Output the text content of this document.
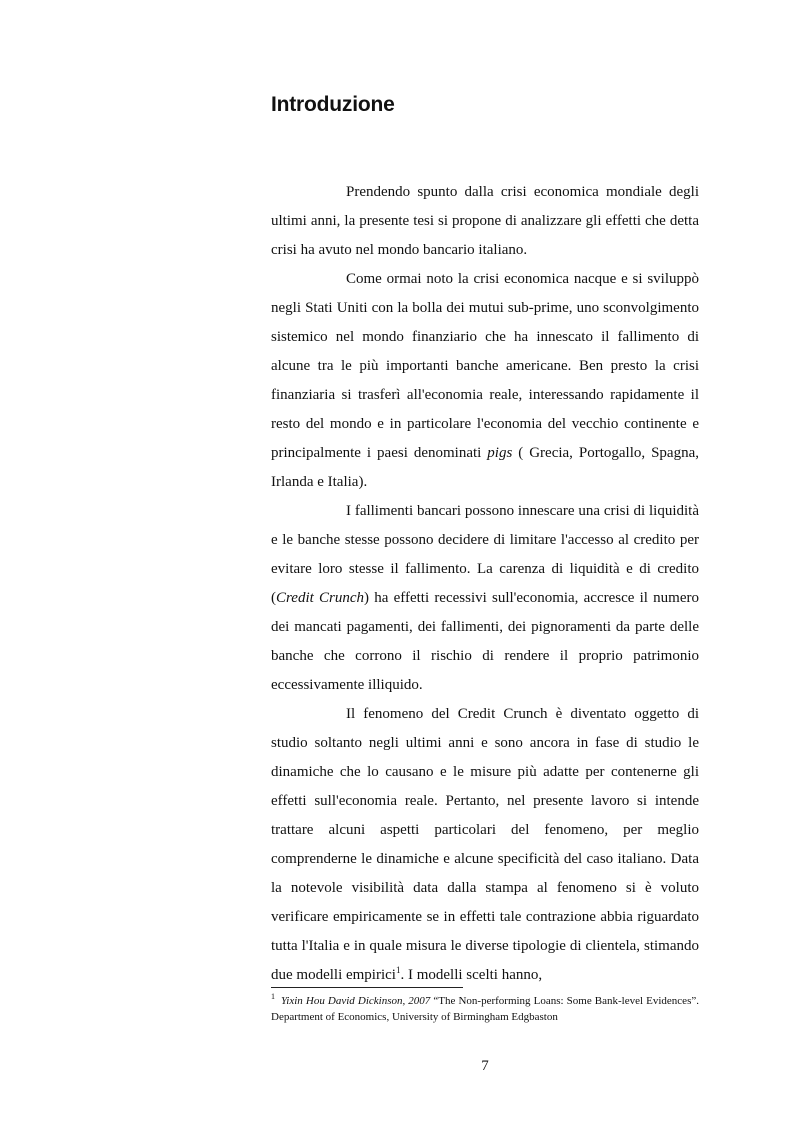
Introduzione

Prendendo spunto dalla crisi economica mondiale degli ultimi anni, la presente tesi si propone di analizzare gli effetti che detta crisi ha avuto nel mondo bancario italiano.

Come ormai noto la crisi economica nacque e si sviluppò negli Stati Uniti con la bolla dei mutui sub-prime, uno sconvolgimento sistemico nel mondo finanziario che ha innescato il fallimento di alcune tra le più importanti banche americane. Ben presto la crisi finanziaria si trasferì all'economia reale, interessando rapidamente il resto del mondo e in particolare l'economia del vecchio continente e principalmente i paesi denominati pigs ( Grecia, Portogallo, Spagna, Irlanda e Italia).

I fallimenti bancari possono innescare una crisi di liquidità e le banche stesse possono decidere di limitare l'accesso al credito per evitare loro stesse il fallimento. La carenza di liquidità e di credito (Credit Crunch) ha effetti recessivi sull'economia, accresce il numero dei mancati pagamenti, dei fallimenti, dei pignoramenti da parte delle banche che corrono il rischio di rendere il proprio patrimonio eccessivamente illiquido.

Il fenomeno del Credit Crunch è diventato oggetto di studio soltanto negli ultimi anni e sono ancora in fase di studio le dinamiche che lo causano e le misure più adatte per contenerne gli effetti sull'economia reale. Pertanto, nel presente lavoro si intende trattare alcuni aspetti particolari del fenomeno, per meglio comprenderne le dinamiche e alcune specificità del caso italiano. Data la notevole visibilità data dalla stampa al fenomeno si è voluto verificare empiricamente se in effetti tale contrazione abbia riguardato tutta l'Italia e in quale misura le diverse tipologie di clientela, stimando due modelli empirici$^1$. I modelli scelti hanno,

$^1$ Yixin Hou David Dickinson, 2007 “The Non-performing Loans: Some Bank-level Evidences”. Department of Economics, University of Birmingham Edgbaston

7
